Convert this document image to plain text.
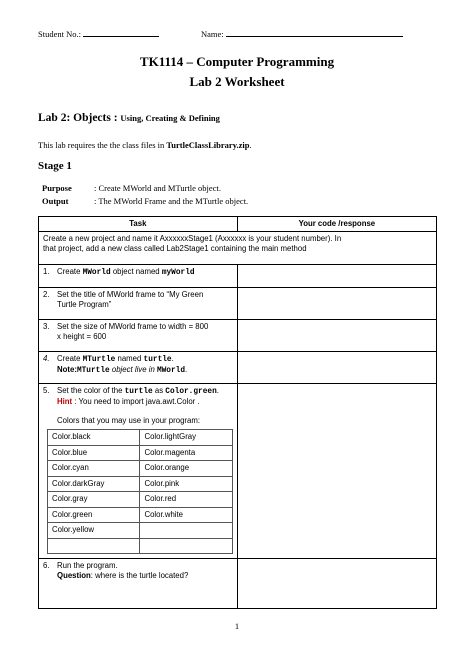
Student No.:	Name:
TK1114 – Computer Programming
Lab 2 Worksheet
Lab 2: Objects : Using, Creating & Defining
This lab requires the the class files in TurtleClassLibrary.zip.
Stage 1
Purpose	: Create MWorld and MTurtle object.
Output	: The MWorld Frame and the MTurtle object.
Task	Your code /response

Create a new project and name it AxxxxxxStage1 (Axxxxxx is your student number). In
that project, add a new class called Lab2Stage1 containing the main method

1. Create MWorld object named myWorld	

2. Set the title of MWorld frame to “My Green
Turtle Program”

3. Set the size of MWorld frame to width = 800
x height = 600

4. Create MTurtle named turtle.
Note:MTurtle object live in MWorld.

5. Set the color of the turtle as Color.green.
Hint : You need to import java.awt.Color .
Colors that you may use in your program:
Color.black	Color.lightGray
Color.blue	Color.magenta
Color.cyan	Color.orange
Color.darkGray	Color.pink
Color.gray	Color.red
Color.green	Color.white
Color.yellow	

6. Run the program.
Question: where is the turtle located?

1
